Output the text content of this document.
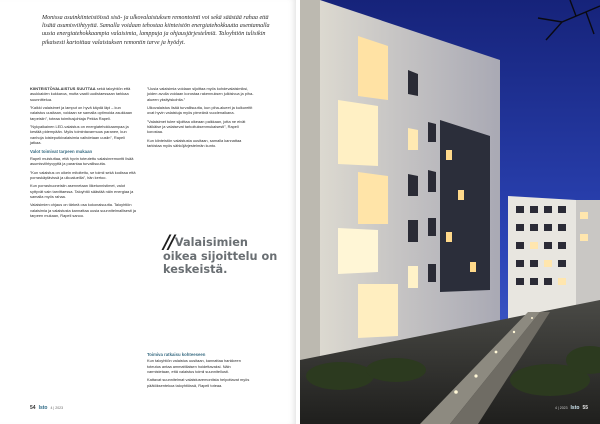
Monissa asuinkiinteistöissä sisä- ja ulkovalaistuksen remontointi voi sekä säästää rahaa että lisätä asumisviihtyyttä. Samalla voidaan tehostaa kiinteistön energiatehokkuutta asentamalla uusia energiatehokkaampia valaisimia, lamppuja ja ohjausjärjestelmiä. Taloyhtiön tulisikin pikaisesti kartoittaa valaistuksen remontin tarve ja hyödyt.

KIINTEISTÖVALAISTUS SUUTTAA sekä taloyhtiön että asukkaiden kukkaroa, mutta vaatii uudistaessaan tarkkaa suunnittelua.

”Kaikki valaisimet ja lamput on hyvä käydä läpi – kun valaistus uusitaan, voidaan se samalla optimoida asukkaan tarpeisiin”, toteaa toimitusjohtaja Pekka Rapeli.

”Nykyaikainen LED-valaistus on energiatehokkaampaa ja kestää pidempään. Myös toimintavarmuus paranee, kun vanhoja loisteputkivalaisimia vaihdetaan uusiin”, Rapeli jatkaa.

Valot toimivat tarpeen mukaan

Rapeli muistuttaa, että hyvin toteutettu valaisinremontti lisää asumisviihtyvyyttä ja parantaa turvallisuutta.

”Kun valaistus on oikein mitoitettu, se toimii sekä kodissa että porraskäytävissä ja ulkoalueilla”, hän kertoo.

Kun porrashuoneisiin asennetaan liiketunnistimet, valot syttyvät vain tarvittaessa. Taloyhtiö säästää näin energiaa ja samalla myös rahaa.

Valaisimien ohjaus on tärkeä osa kokonaisuutta. Taloyhtiön valaisimia ja valaistusta kannattaa uusia suunnitelmallisesti ja tarpeen mukaan, Rapeli sanoo.

”Uusia valaisimia voidaan sijoittaa myös kohdevalaisimiksi, joiden avulla voidaan korostaa rakennuksen julkisivua ja piha-alueen yksityiskohtia.”

Ulkovalaistus lisää turvallisuutta, kun piha-alueet ja kulkureitit ovat hyvin valaistuja myös pimeänä vuodenaikana.

”Valaisimet tulee sijoittaa oikeaan paikkaan, jotta ne eivät häikäise ja valaisevat tarkoituksenmukaisesti”, Rapeli korostaa.

Kun kiinteistön valaistusta uusitaan, samalla kannattaa tarkistaa myös sähköjärjestelmän kunto.

// Valaisimien oikea sijoittelu on keskeistä.
Toimiva ratkaisu kohteeseen

Kun taloyhtiön valaistus uusitaan, kannattaa hankkeen toteutus antaa ammattilaisen hoidettavaksi. Näin varmistetaan, että valaistus toimii suunnitellusti.

Kattavat suunnitelmat valaistusremontista helpottavat myös päätöksentekoa taloyhtiössä, Rapeli toteaa.

54 Isto 4 | 2023	4 | 2023 Isto 55
